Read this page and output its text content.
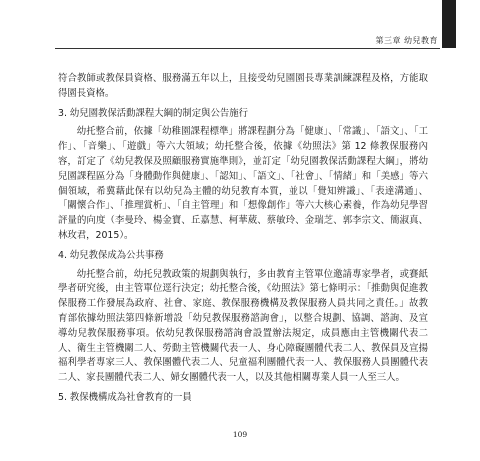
第三章 幼兒教育

符合教師或教保員資格、服務滿五年以上，且接受幼兒園園長專業訓練課程及格，方能取得園長資格。

3. 幼兒園教保活動課程大綱的制定與公告施行

幼托整合前，依據「幼稚園課程標準」將課程劃分為「健康」、「常識」、「語文」、「工作」、「音樂」、「遊戲」等六大領域；幼托整合後，依據《幼照法》第 12 條教保服務內容，訂定了《幼兒教保及照顧服務實施準則》，並訂定「幼兒園教保活動課程大綱」，將幼兒園課程區分為「身體動作與健康」、「認知」、「語文」、「社會」、「情緒」和「美感」等六個領域，希冀藉此保有以幼兒為主體的幼兒教育本質，並以「覺知辨識」、「表達溝通」、「關懷合作」、「推理賞析」、「自主管理」和「想像創作」等六大核心素養，作為幼兒學習評量的向度（李曼玲、楊金寶、丘嘉慧、柯華葳、蔡敏玲、金瑞芝、郭李宗文、簡淑真、林玫君，2015）。

4. 幼兒教保成為公共事務

幼托整合前，幼托兒教政策的規劃與執行，多由教育主管單位邀請專家學者，或賽紙學者研究後，由主管單位逕行決定；幼托整合後，《幼照法》第七條明示：「推動與促進教保服務工作發展為政府、社會、家庭、教保服務機構及教保服務人員共同之責任。」故教育部依據幼照法第四條新增設「幼兒教保服務諮詢會」，以整合規劃、協調、諮詢、及宣導幼兒教保服務事項。依幼兒教保服務諮詢會設置辦法規定，成員應由主管機關代表二人、衛生主管機關二人、勞動主管機關代表一人、身心障礙團體代表二人、教保員及宣揚福利學者專家三人、教保團體代表二人、兒童福利團體代表一人、教保服務人員團體代表二人、家長團體代表二人、婦女團體代表一人，以及其他相關專業人員一人至三人。

5. 教保機構成為社會教育的一員

109
